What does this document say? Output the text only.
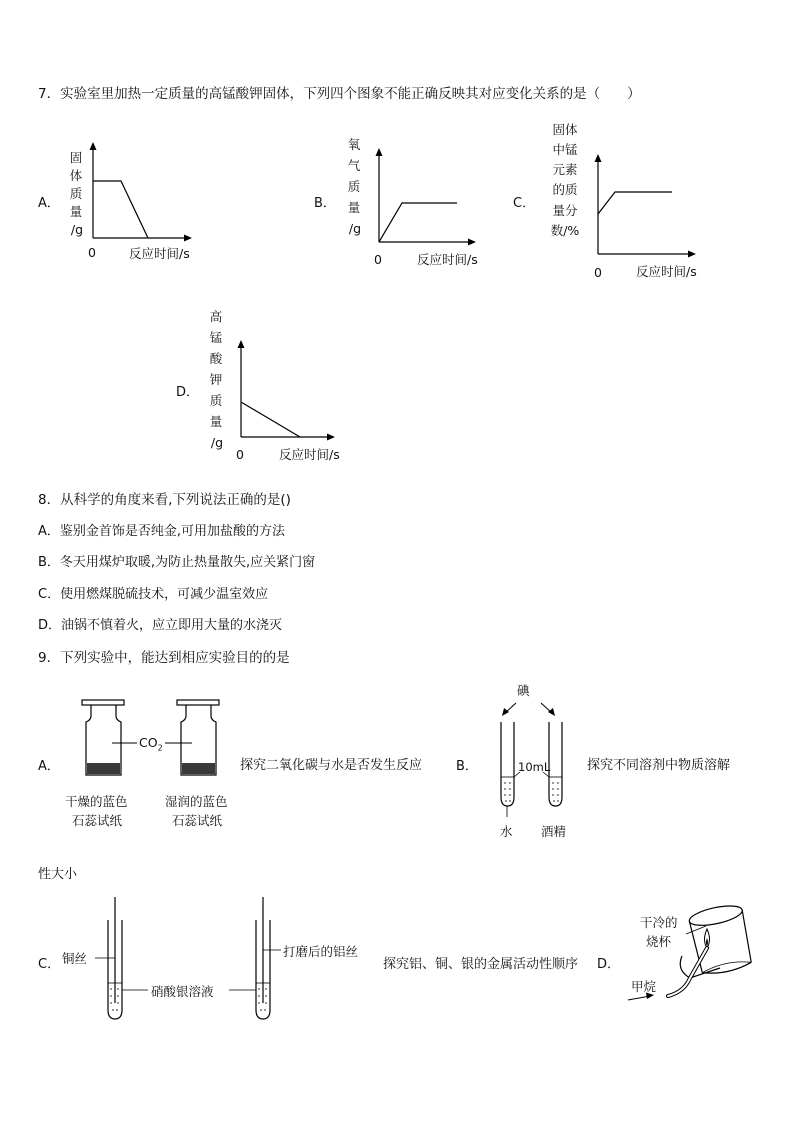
7．实验室里加热一定质量的高锰酸钾固体，下列四个图象不能正确反映其对应变化关系的是（　　）
A．
固
体
质
量
/g
0	反应时间/s
B．
氧
气
质
量
/g
0	反应时间/s
C．
固体
中锰
元素
的质
量分
数/%
0	反应时间/s
D．
高
锰
酸
钾
质
量
/g
0	反应时间/s
8．从科学的角度来看,下列说法正确的是()
A．鉴别金首饰是否纯金,可用加盐酸的方法
B．冬天用煤炉取暖,为防止热量散失,应关紧门窗
C．使用燃煤脱硫技术，可减少温室效应
D．油锅不慎着火，应立即用大量的水浇灭
9．下列实验中，能达到相应实验目的的是
A．
$CO_2$
干燥的蓝色
石蕊试纸
湿润的蓝色
石蕊试纸
探究二氧化碳与水是否发生反应	B．
碘
10mL
水 酒精
探究不同溶剂中物质溶解
性大小
C． 铜丝
硝酸银溶液
打磨后的铝丝
探究铝、铜、银的金属活动性顺序 D．
干冷的
烧杯
甲烷
